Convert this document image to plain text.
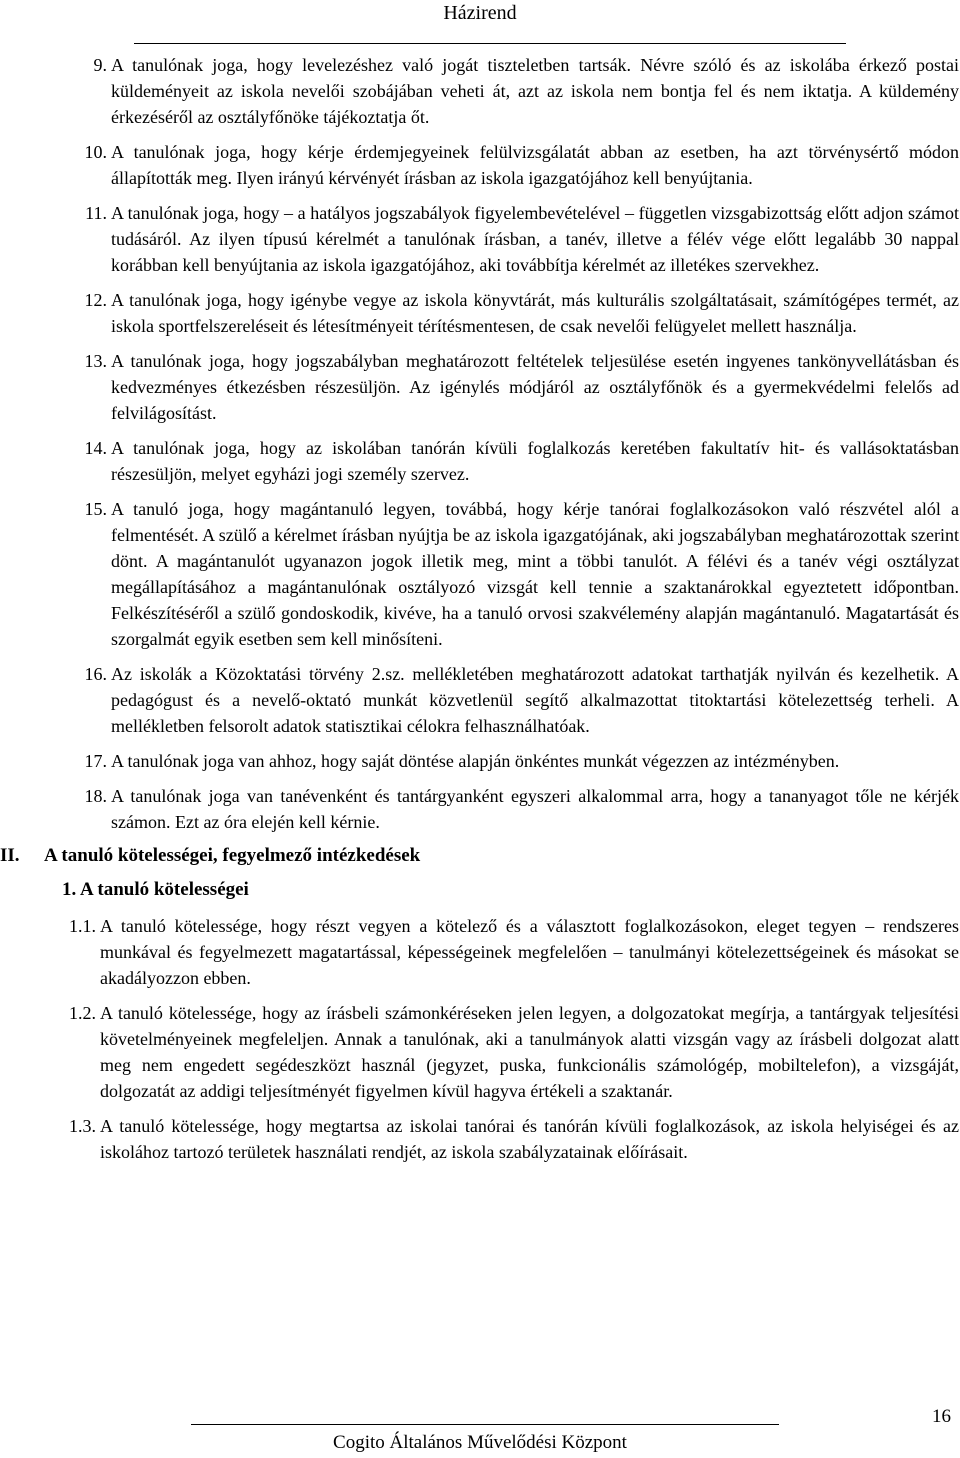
Házirend
9. A tanulónak joga, hogy levelezéshez való jogát tiszteletben tartsák. Névre szóló és az iskolába érkező postai küldeményeit az iskola nevelői szobájában veheti át, azt az iskola nem bontja fel és nem iktatja. A küldemény érkezéséről az osztályfőnöke tájékoztatja őt.
10. A tanulónak joga, hogy kérje érdemjegyeinek felülvizsgálatát abban az esetben, ha azt törvénysértő módon állapították meg. Ilyen irányú kérvényét írásban az iskola igazgatójához kell benyújtania.
11. A tanulónak joga, hogy – a hatályos jogszabályok figyelembevételével – független vizsgabizottság előtt adjon számot tudásáról. Az ilyen típusú kérelmét a tanulónak írásban, a tanév, illetve a félév vége előtt legalább 30 nappal korábban kell benyújtania az iskola igazgatójához, aki továbbítja kérelmét az illetékes szervekhez.
12. A tanulónak joga, hogy igénybe vegye az iskola könyvtárát, más kulturális szolgáltatásait, számítógépes termét, az iskola sportfelszereléseit és létesítményeit térítésmentesen, de csak nevelői felügyelet mellett használja.
13. A tanulónak joga, hogy jogszabályban meghatározott feltételek teljesülése esetén ingyenes tankönyvellátásban és kedvezményes étkezésben részesüljön. Az igénylés módjáról az osztályfőnök és a gyermekvédelmi felelős ad felvilágosítást.
14. A tanulónak joga, hogy az iskolában tanórán kívüli foglalkozás keretében fakultatív hit- és vallásoktatásban részesüljön, melyet egyházi jogi személy szervez.
15. A tanuló joga, hogy magántanuló legyen, továbbá, hogy kérje tanórai foglalkozásokon való részvétel alól a felmentését. A szülő a kérelmet írásban nyújtja be az iskola igazgatójának, aki jogszabályban meghatározottak szerint dönt. A magántanulót ugyanazon jogok illetik meg, mint a többi tanulót. A félévi és a tanév végi osztályzat megállapításához a magántanulónak osztályozó vizsgát kell tennie a szaktanárokkal egyeztetett időpontban. Felkészítéséről a szülő gondoskodik, kivéve, ha a tanuló orvosi szakvélemény alapján magántanuló. Magatartását és szorgalmát egyik esetben sem kell minősíteni.
16. Az iskolák a Közoktatási törvény 2.sz. mellékletében meghatározott adatokat tarthatják nyilván és kezelhetik. A pedagógust és a nevelő-oktató munkát közvetlenül segítő alkalmazottat titoktartási kötelezettség terheli. A mellékletben felsorolt adatok statisztikai célokra felhasználhatóak.
17. A tanulónak joga van ahhoz, hogy saját döntése alapján önkéntes munkát végezzen az intézményben.
18. A tanulónak joga van tanévenként és tantárgyanként egyszeri alkalommal arra, hogy a tananyagot tőle ne kérjék számon. Ezt az óra elején kell kérnie.
II. A tanuló kötelességei, fegyelmező intézkedések
1. A tanuló kötelességei
1.1. A tanuló kötelessége, hogy részt vegyen a kötelező és a választott foglalkozásokon, eleget tegyen – rendszeres munkával és fegyelmezett magatartással, képességeinek megfelelően – tanulmányi kötelezettségeinek és másokat se akadályozzon ebben.
1.2. A tanuló kötelessége, hogy az írásbeli számonkéréseken jelen legyen, a dolgozatokat megírja, a tantárgyak teljesítési követelményeinek megfeleljen. Annak a tanulónak, aki a tanulmányok alatti vizsgán vagy az írásbeli dolgozat alatt meg nem engedett segédeszközt használ (jegyzet, puska, funkcionális számológép, mobiltelefon), a vizsgáját, dolgozatát az addigi teljesítményét figyelmen kívül hagyva értékeli a szaktanár.
1.3. A tanuló kötelessége, hogy megtartsa az iskolai tanórai és tanórán kívüli foglalkozások, az iskola helyiségei és az iskolához tartozó területek használati rendjét, az iskola szabályzatainak előírásait.
16
Cogito Általános Művelődési Központ
